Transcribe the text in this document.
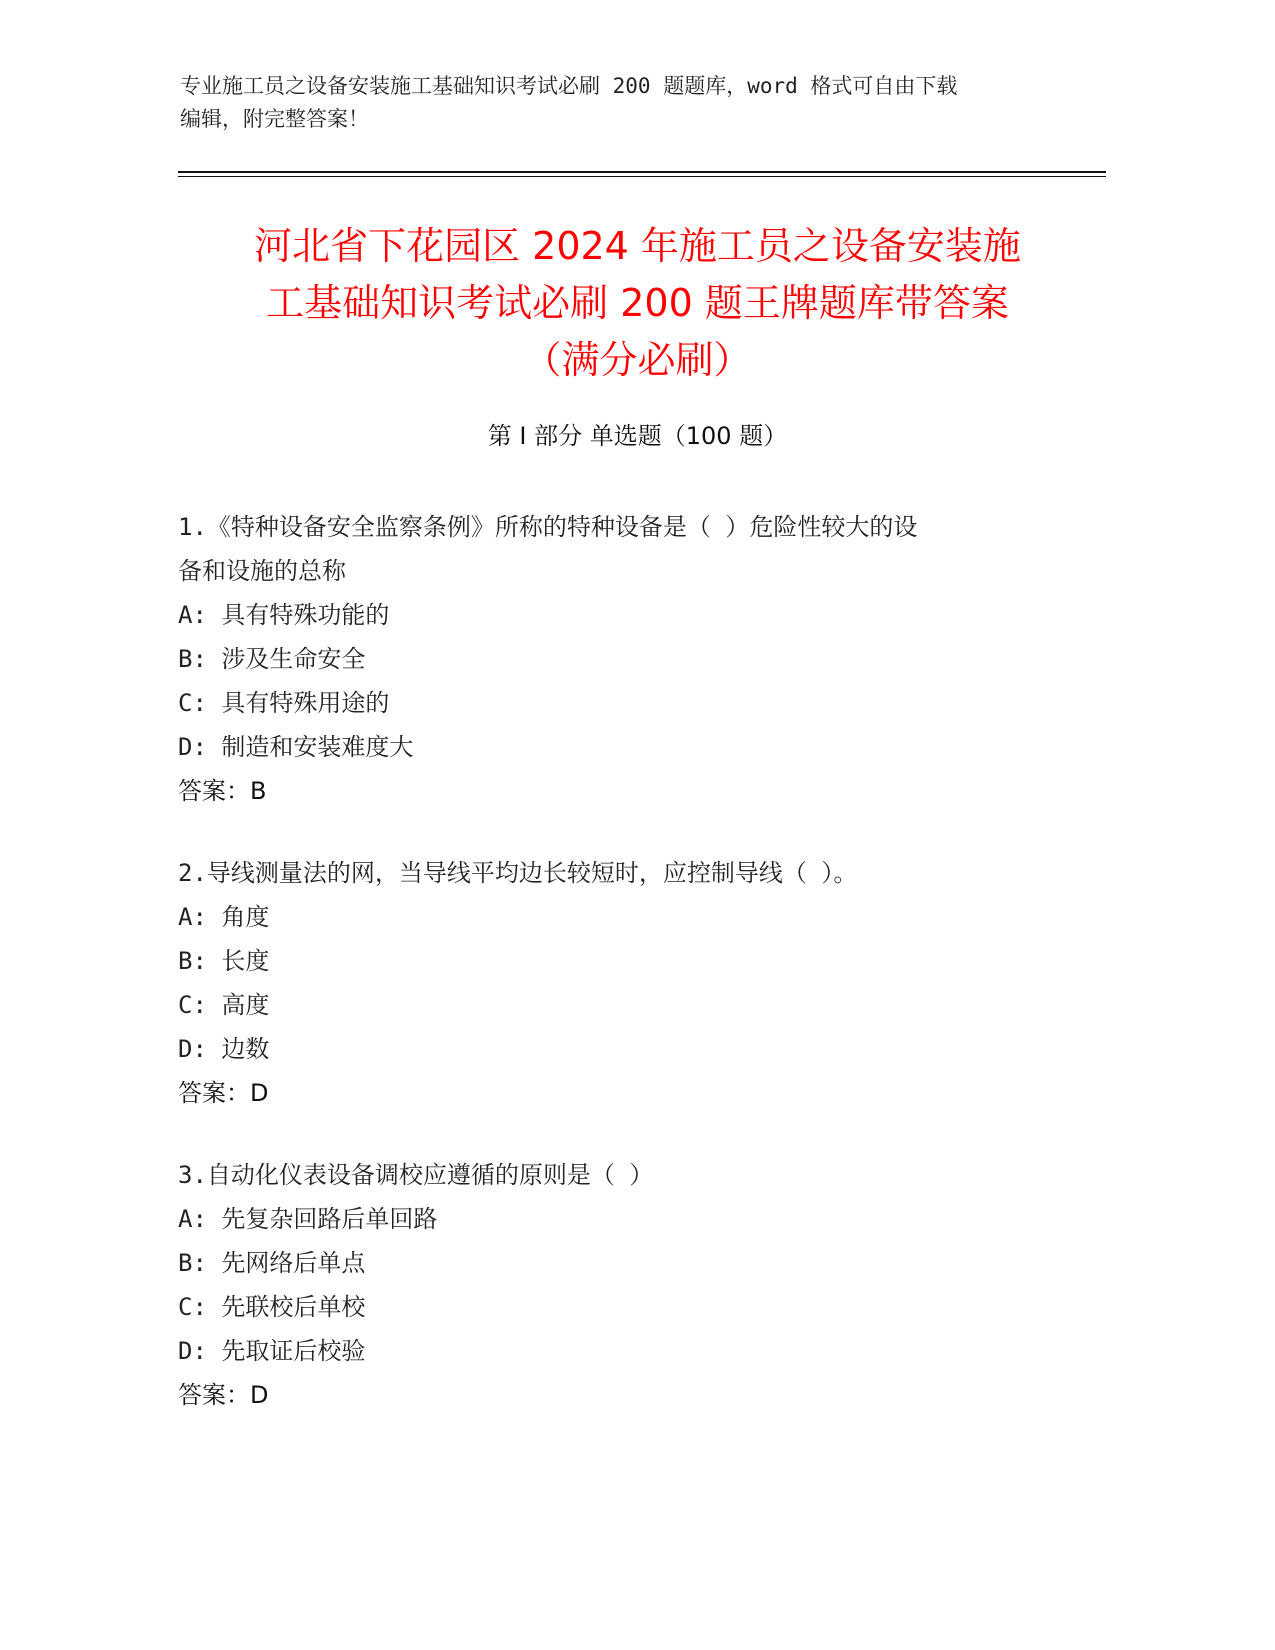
专业施工员之设备安装施工基础知识考试必刷 200 题题库，word 格式可自由下载
编辑，附完整答案！
河北省下花园区 2024 年施工员之设备安装施
工基础知识考试必刷 200 题王牌题库带答案
（满分必刷）
第 I 部分 单选题（100 题）
1.《特种设备安全监察条例》所称的特种设备是（ ）危险性较大的设
备和设施的总称
A: 具有特殊功能的
B: 涉及生命安全
C: 具有特殊用途的
D: 制造和安装难度大
答案：B
2.导线测量法的网，当导线平均边长较短时，应控制导线（ ）。
A: 角度
B: 长度
C: 高度
D: 边数
答案：D
3.自动化仪表设备调校应遵循的原则是（ ）
A: 先复杂回路后单回路
B: 先网络后单点
C: 先联校后单校
D: 先取证后校验
答案：D
